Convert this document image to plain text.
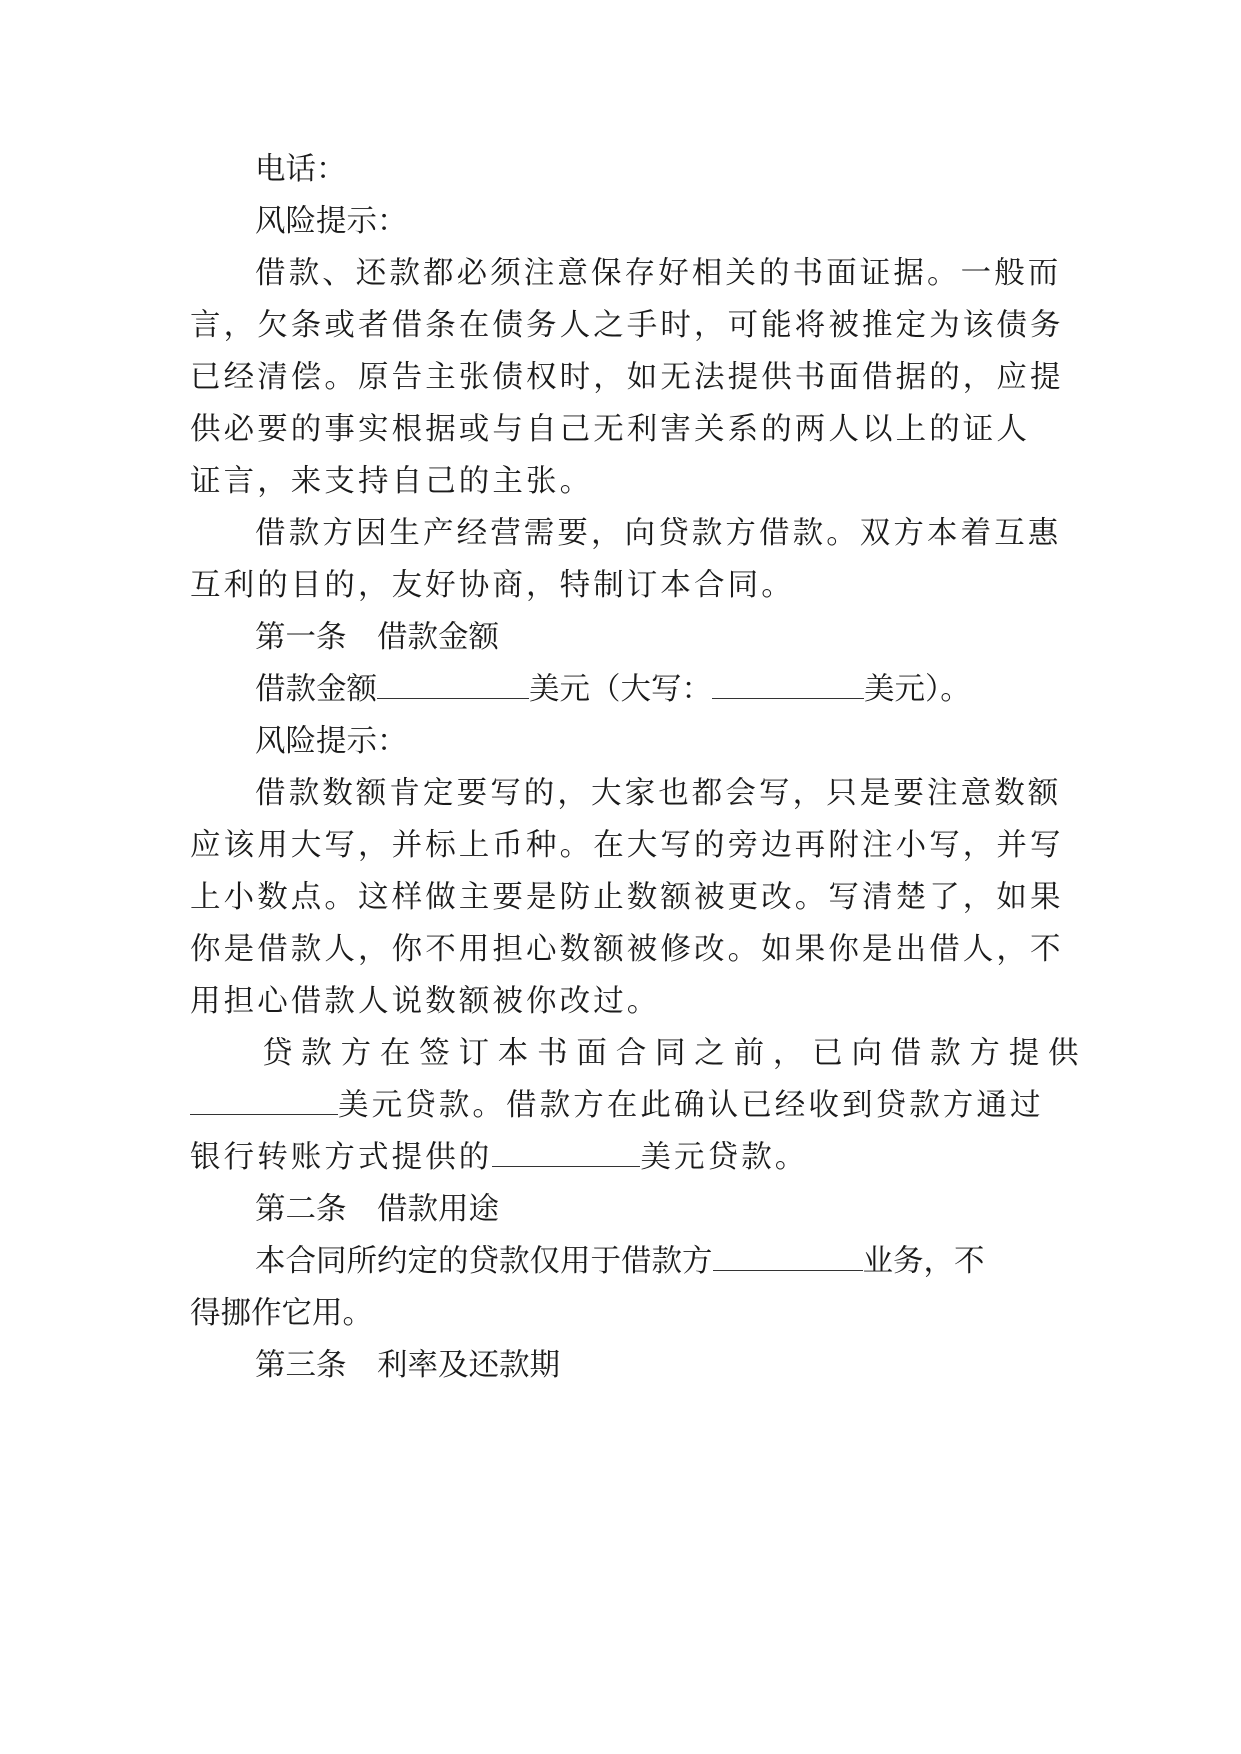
电话：
风险提示：
借款、还款都必须注意保存好相关的书面证据。一般而
言，欠条或者借条在债务人之手时，可能将被推定为该债务
已经清偿。原告主张债权时，如无法提供书面借据的，应提
供必要的事实根据或与自己无利害关系的两人以上的证人
证言，来支持自己的主张。
借款方因生产经营需要，向贷款方借款。双方本着互惠
互利的目的，友好协商，特制订本合同。
第一条　借款金额
借款金额	美元（大写：	美元）。
风险提示：
借款数额肯定要写的，大家也都会写，只是要注意数额
应该用大写，并标上币种。在大写的旁边再附注小写，并写
上小数点。这样做主要是防止数额被更改。写清楚了，如果
你是借款人，你不用担心数额被修改。如果你是出借人，不
用担心借款人说数额被你改过。
贷款方在签订本书面合同之前，已向借款方提供
美元贷款。借款方在此确认已经收到贷款方通过
银行转账方式提供的	美元贷款。
第二条　借款用途
本合同所约定的贷款仅用于借款方	业务，不
得挪作它用。
第三条　利率及还款期
